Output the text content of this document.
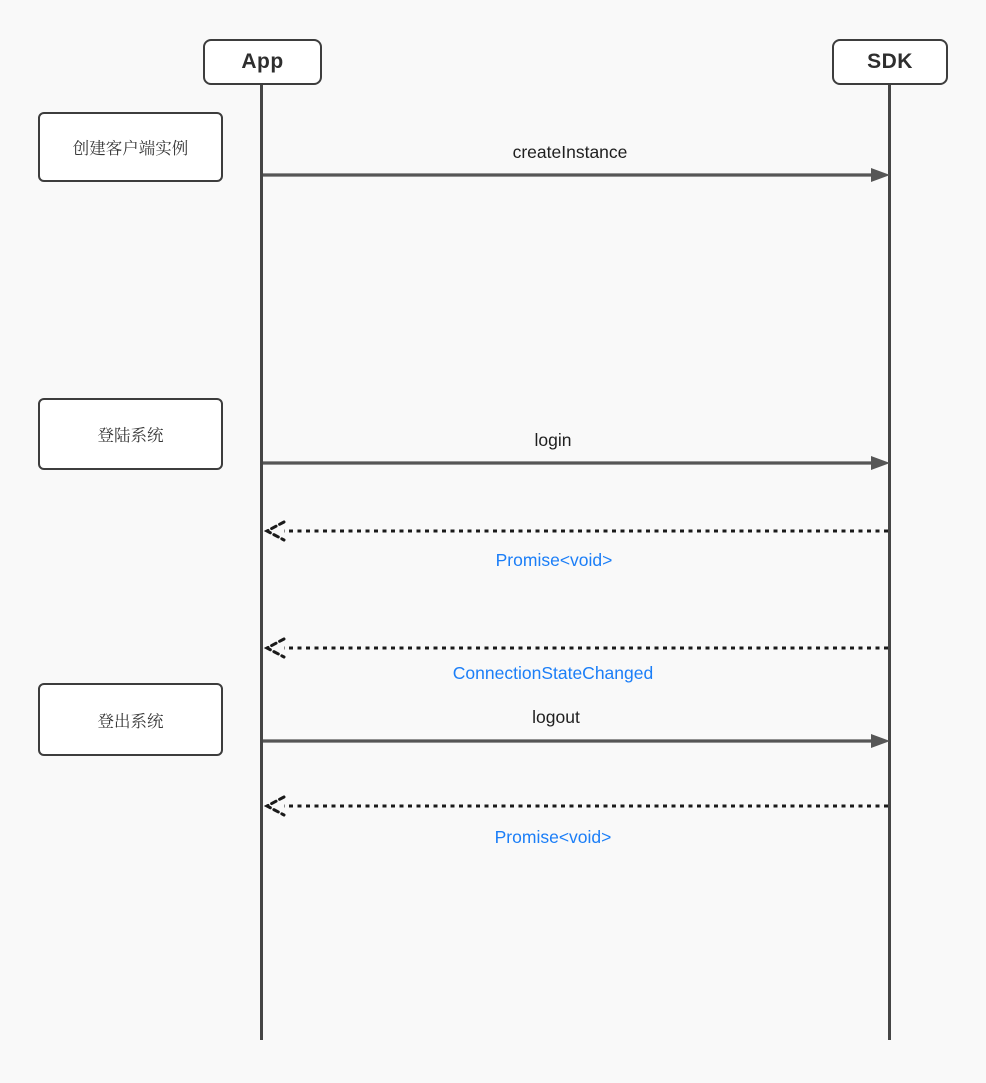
App	SDK
创建客户端实例
登陆系统
登出系统
createInstance
login
Promise<void>
ConnectionStateChanged
logout
Promise<void>
